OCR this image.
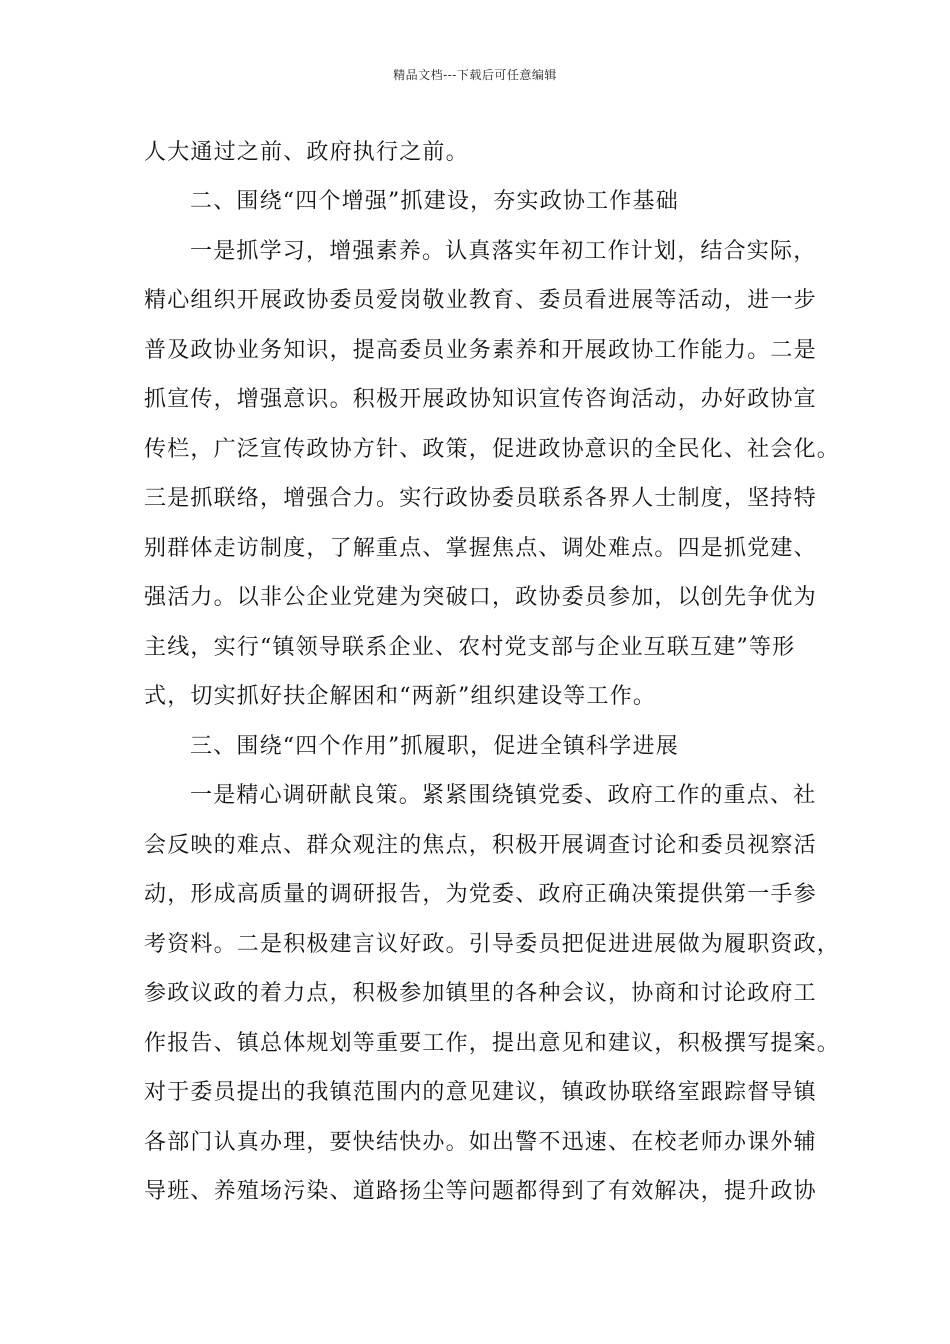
精品文档---下载后可任意编辑
人大通过之前、政府执行之前。
二、围绕“四个增强”抓建设，夯实政协工作基础
一是抓学习，增强素养。认真落实年初工作计划，结合实际，
精心组织开展政协委员爱岗敬业教育、委员看进展等活动，进一步
普及政协业务知识，提高委员业务素养和开展政协工作能力。二是
抓宣传，增强意识。积极开展政协知识宣传咨询活动，办好政协宣
传栏，广泛宣传政协方针、政策，促进政协意识的全民化、社会化。
三是抓联络，增强合力。实行政协委员联系各界人士制度，坚持特
别群体走访制度，了解重点、掌握焦点、调处难点。四是抓党建、
强活力。以非公企业党建为突破口，政协委员参加，以创先争优为
主线，实行“镇领导联系企业、农村党支部与企业互联互建”等形
式，切实抓好扶企解困和“两新”组织建设等工作。
三、围绕“四个作用”抓履职，促进全镇科学进展
一是精心调研献良策。紧紧围绕镇党委、政府工作的重点、社
会反映的难点、群众观注的焦点，积极开展调查讨论和委员视察活
动，形成高质量的调研报告，为党委、政府正确决策提供第一手参
考资料。二是积极建言议好政。引导委员把促进进展做为履职资政，
参政议政的着力点，积极参加镇里的各种会议，协商和讨论政府工
作报告、镇总体规划等重要工作，提出意见和建议，积极撰写提案。
对于委员提出的我镇范围内的意见建议，镇政协联络室跟踪督导镇
各部门认真办理，要快结快办。如出警不迅速、在校老师办课外辅
导班、养殖场污染、道路扬尘等问题都得到了有效解决，提升政协
